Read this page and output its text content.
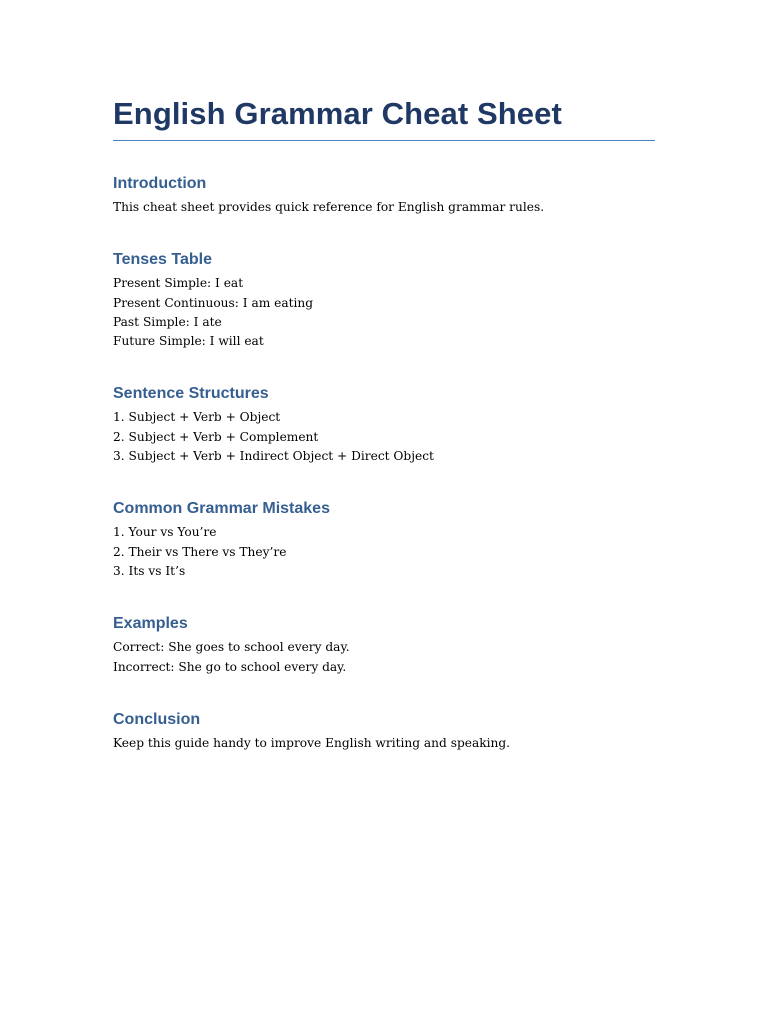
English Grammar Cheat Sheet
Introduction

This cheat sheet provides quick reference for English grammar rules.

Tenses Table

Present Simple: I eat

Present Continuous: I am eating

Past Simple: I ate

Future Simple: I will eat

Sentence Structures

1. Subject + Verb + Object

2. Subject + Verb + Complement

3. Subject + Verb + Indirect Object + Direct Object

Common Grammar Mistakes

1. Your vs You’re

2. Their vs There vs They’re

3. Its vs It’s

Examples

Correct: She goes to school every day.

Incorrect: She go to school every day.

Conclusion

Keep this guide handy to improve English writing and speaking.
